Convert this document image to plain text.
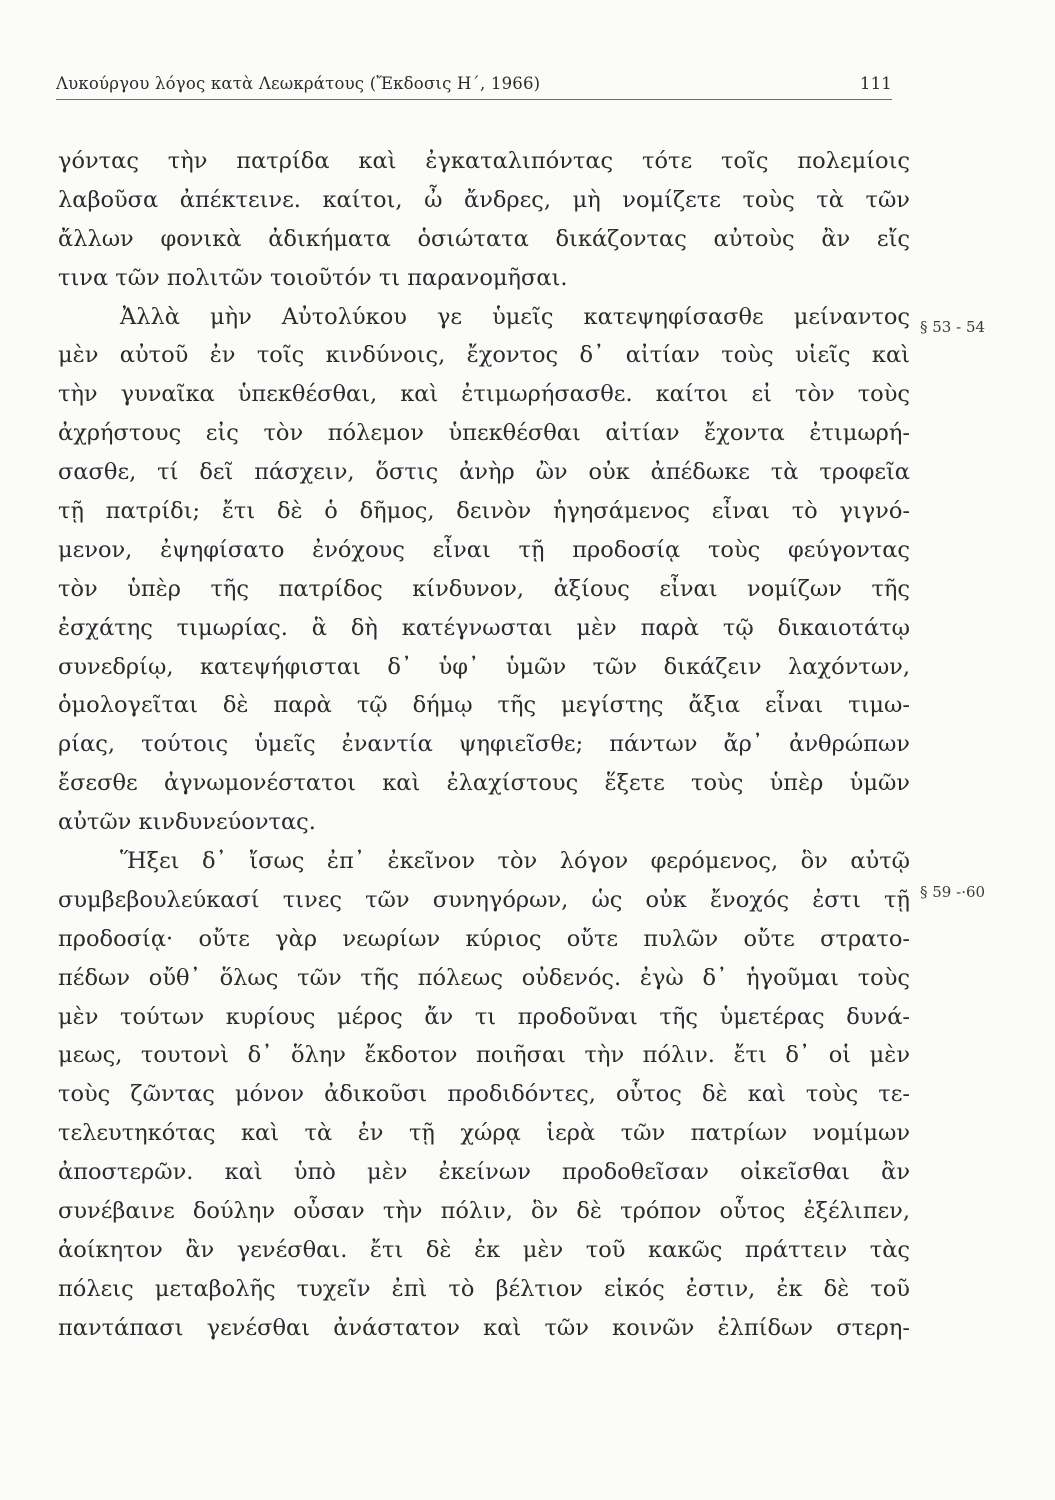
Λυκούργου λόγος κατὰ Λεωκράτους (Ἔκδοσις Η΄, 1966)	111
γόντας τὴν πατρίδα καὶ ἐγκαταλιπόντας τότε τοῖς πολεμίοις
λαβοῦσα ἀπέκτεινε. καίτοι, ὦ ἄνδρες, μὴ νομίζετε τοὺς τὰ τῶν
ἄλλων φονικὰ ἀδικήματα ὁσιώτατα δικάζοντας αὐτοὺς ἂν εἴς
τινα τῶν πολιτῶν τοιοῦτόν τι παρανομῆσαι.
Ἀλλὰ μὴν Αὐτολύκου γε ὑμεῖς κατεψηφίσασθε μείναντος
μὲν αὐτοῦ ἐν τοῖς κινδύνοις, ἔχοντος δ᾽ αἰτίαν τοὺς υἱεῖς καὶ
τὴν γυναῖκα ὑπεκθέσθαι, καὶ ἐτιμωρήσασθε. καίτοι εἰ τὸν τοὺς
ἀχρήστους εἰς τὸν πόλεμον ὑπεκθέσθαι αἰτίαν ἔχοντα ἐτιμωρή-
σασθε, τί δεῖ πάσχειν, ὅστις ἀνὴρ ὢν οὐκ ἀπέδωκε τὰ τροφεῖα
τῇ πατρίδι; ἔτι δὲ ὁ δῆμος, δεινὸν ἡγησάμενος εἶναι τὸ γιγνό-
μενον, ἐψηφίσατο ἐνόχους εἶναι τῇ προδοσίᾳ τοὺς φεύγοντας
τὸν ὑπὲρ τῆς πατρίδος κίνδυνον, ἀξίους εἶναι νομίζων τῆς
ἐσχάτης τιμωρίας. ἃ δὴ κατέγνωσται μὲν παρὰ τῷ δικαιοτάτῳ
συνεδρίῳ, κατεψήφισται δ᾽ ὑφ᾽ ὑμῶν τῶν δικάζειν λαχόντων,
ὁμολογεῖται δὲ παρὰ τῷ δήμῳ τῆς μεγίστης ἄξια εἶναι τιμω-
ρίας, τούτοις ὑμεῖς ἐναντία ψηφιεῖσθε; πάντων ἄρ᾽ ἀνθρώπων
ἔσεσθε ἀγνωμονέστατοι καὶ ἐλαχίστους ἕξετε τοὺς ὑπὲρ ὑμῶν
αὐτῶν κινδυνεύοντας.
Ἥξει δ᾽ ἴσως ἐπ᾽ ἐκεῖνον τὸν λόγον φερόμενος, ὃν αὐτῷ
συμβεβουλεύκασί τινες τῶν συνηγόρων, ὡς οὐκ ἔνοχός ἐστι τῇ
προδοσίᾳ· οὔτε γὰρ νεωρίων κύριος οὔτε πυλῶν οὔτε στρατο-
πέδων οὔθ᾽ ὅλως τῶν τῆς πόλεως οὐδενός. ἐγὼ δ᾽ ἡγοῦμαι τοὺς
μὲν τούτων κυρίους μέρος ἄν τι προδοῦναι τῆς ὑμετέρας δυνά-
μεως, τουτονὶ δ᾽ ὅλην ἔκδοτον ποιῆσαι τὴν πόλιν. ἔτι δ᾽ οἱ μὲν
τοὺς ζῶντας μόνον ἀδικοῦσι προδιδόντες, οὗτος δὲ καὶ τοὺς τε-
τελευτηκότας καὶ τὰ ἐν τῇ χώρᾳ ἱερὰ τῶν πατρίων νομίμων
ἀποστερῶν. καὶ ὑπὸ μὲν ἐκείνων προδοθεῖσαν οἰκεῖσθαι ἂν
συνέβαινε δούλην οὖσαν τὴν πόλιν, ὃν δὲ τρόπον οὗτος ἐξέλιπεν,
ἀοίκητον ἂν γενέσθαι. ἔτι δὲ ἐκ μὲν τοῦ κακῶς πράττειν τὰς
πόλεις μεταβολῆς τυχεῖν ἐπὶ τὸ βέλτιον εἰκός ἐστιν, ἐκ δὲ τοῦ
παντάπασι γενέσθαι ἀνάστατον καὶ τῶν κοινῶν ἐλπίδων στερη-
§ 53 - 54
§ 59 -·60
